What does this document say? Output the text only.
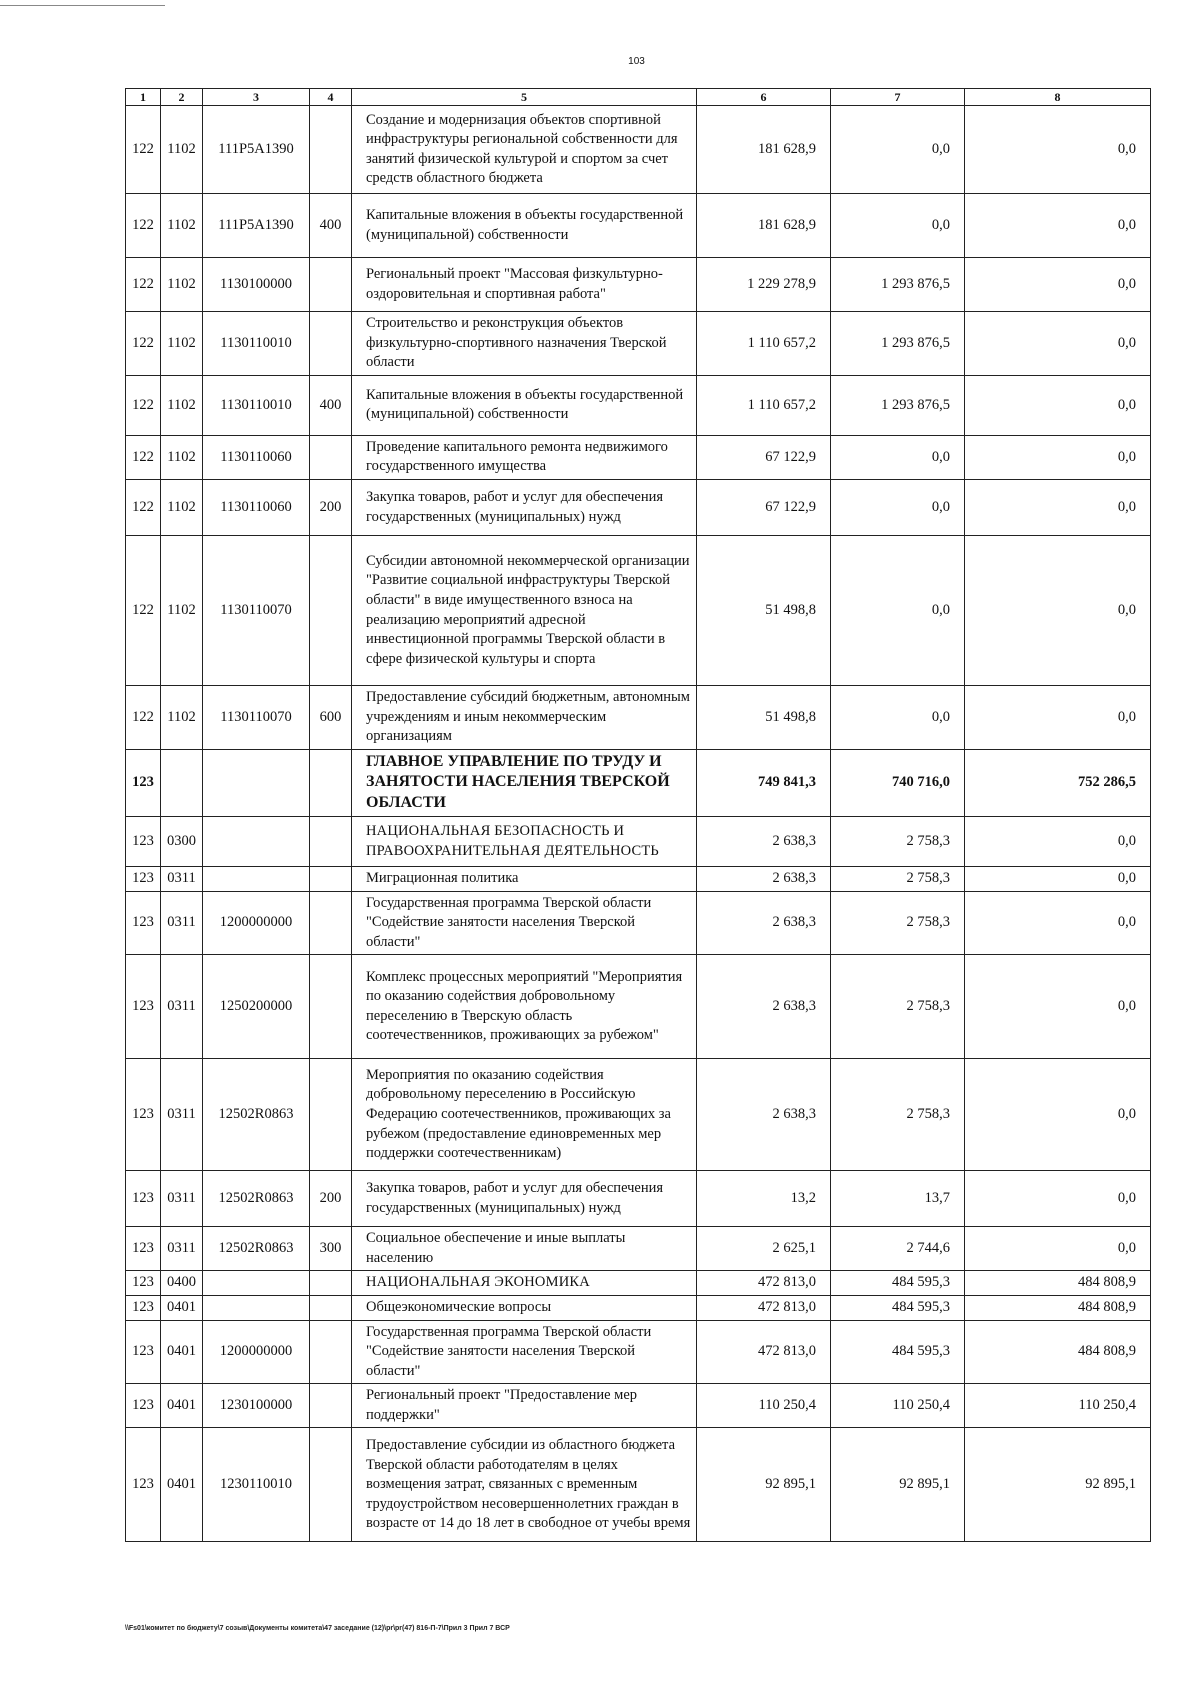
103
1	2	3	4	5	6	7	8
122	1102	111P5A1390		Создание и модернизация объектов спортивной инфраструктуры региональной собственности для занятий физической культурой и спортом за счет средств областного бюджета	181 628,9	0,0	0,0
122	1102	111P5A1390	400	Капитальные вложения в объекты государственной (муниципальной) собственности	181 628,9	0,0	0,0
122	1102	1130100000		Региональный проект "Массовая физкультурно-оздоровительная и спортивная работа"	1 229 278,9	1 293 876,5	0,0
122	1102	1130110010		Строительство и реконструкция объектов физкультурно-спортивного назначения Тверской области	1 110 657,2	1 293 876,5	0,0
122	1102	1130110010	400	Капитальные вложения в объекты государственной (муниципальной) собственности	1 110 657,2	1 293 876,5	0,0
122	1102	1130110060		Проведение капитального ремонта недвижимого государственного имущества	67 122,9	0,0	0,0
122	1102	1130110060	200	Закупка товаров, работ и услуг для обеспечения государственных (муниципальных) нужд	67 122,9	0,0	0,0
122	1102	1130110070		Субсидии автономной некоммерческой организации "Развитие социальной инфраструктуры Тверской области" в виде имущественного взноса на реализацию мероприятий адресной инвестиционной программы Тверской области в сфере физической культуры и спорта	51 498,8	0,0	0,0
122	1102	1130110070	600	Предоставление субсидий бюджетным, автономным учреждениям и иным некоммерческим организациям	51 498,8	0,0	0,0
123				ГЛАВНОЕ УПРАВЛЕНИЕ ПО ТРУДУ И ЗАНЯТОСТИ НАСЕЛЕНИЯ ТВЕРСКОЙ ОБЛАСТИ	749 841,3	740 716,0	752 286,5
123	0300			НАЦИОНАЛЬНАЯ БЕЗОПАСНОСТЬ И ПРАВООХРАНИТЕЛЬНАЯ ДЕЯТЕЛЬНОСТЬ	2 638,3	2 758,3	0,0
123	0311			Миграционная политика	2 638,3	2 758,3	0,0
123	0311	1200000000		Государственная программа Тверской области "Содействие занятости населения Тверской области"	2 638,3	2 758,3	0,0
123	0311	1250200000		Комплекс процессных мероприятий "Мероприятия по оказанию содействия добровольному переселению в Тверскую область соотечественников, проживающих за рубежом"	2 638,3	2 758,3	0,0
123	0311	12502R0863		Мероприятия по оказанию содействия добровольному переселению в Российскую Федерацию соотечественников, проживающих за рубежом (предоставление единовременных мер поддержки соотечественникам)	2 638,3	2 758,3	0,0
123	0311	12502R0863	200	Закупка товаров, работ и услуг для обеспечения государственных (муниципальных) нужд	13,2	13,7	0,0
123	0311	12502R0863	300	Социальное обеспечение и иные выплаты населению	2 625,1	2 744,6	0,0
123	0400			НАЦИОНАЛЬНАЯ ЭКОНОМИКА	472 813,0	484 595,3	484 808,9
123	0401			Общеэкономические вопросы	472 813,0	484 595,3	484 808,9
123	0401	1200000000		Государственная программа Тверской области "Содействие занятости населения Тверской области"	472 813,0	484 595,3	484 808,9
123	0401	1230100000		Региональный проект "Предоставление мер поддержки"	110 250,4	110 250,4	110 250,4
123	0401	1230110010		Предоставление субсидии из областного бюджета Тверской области работодателям в целях возмещения затрат, связанных с временным трудоустройством несовершеннолетних граждан в возрасте от 14 до 18 лет в свободное от учебы время	92 895,1	92 895,1	92 895,1
\\Fs01\комитет по бюджету\7 созыв\Документы комитета\47 заседание (12)\pr\pr(47) 816-П-7\Прил 3 Прил 7 ВСР
